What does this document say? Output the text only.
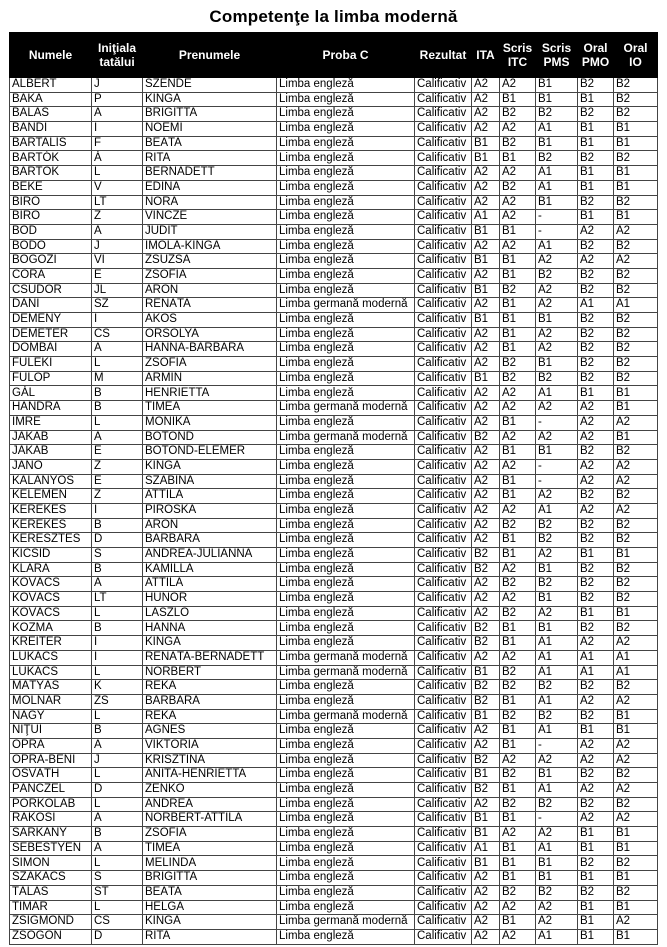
Competenţe la limba modernă
Numele	Iniţiala tatălui	Prenumele	Proba C	Rezultat	ITA	Scris ITC	Scris PMS	Oral PMO	Oral IO
ALBERT	J	SZENDE	Limba engleză	Calificativ	A2	A2	B1	B2	B2
BAKA	P	KINGA	Limba engleză	Calificativ	A2	B1	B1	B1	B2
BALÁS	Á	BRIGITTA	Limba engleză	Calificativ	A2	B2	B2	B2	B2
BANDI	I	NOÉMI	Limba engleză	Calificativ	A2	A2	A1	B1	B1
BARTALIS	F	BEÁTA	Limba engleză	Calificativ	B1	B2	B1	B1	B1
BARTÓK	Á	RITA	Limba engleză	Calificativ	B1	B1	B2	B2	B2
BARTÓK	L	BERNADETT	Limba engleză	Calificativ	A2	A2	A1	B1	B1
BEKE	V	EDINA	Limba engleză	Calificativ	A2	B2	A1	B1	B1
BIRÓ	LT	NÓRA	Limba engleză	Calificativ	A2	A2	B1	B2	B2
BIRÓ	Z	VINCZE	Limba engleză	Calificativ	A1	A2	-	B1	B1
BOD	Á	JUDIT	Limba engleză	Calificativ	B1	B1	-	A2	A2
BODÓ	J	IMOLA-KINGA	Limba engleză	Calificativ	A2	A2	A1	B2	B2
BÖGÖZI	VI	ZSUZSA	Limba engleză	Calificativ	B1	B1	A2	A2	A2
CORA	E	ZSÓFIA	Limba engleză	Calificativ	A2	B1	B2	B2	B2
CSŰDÖR	JL	ÁRON	Limba engleză	Calificativ	B1	B2	A2	B2	B2
DÁNI	SZ	RENÁTA	Limba germană modernă	Calificativ	A2	B1	A2	A1	A1
DEMÉNY	I	ÁKOS	Limba engleză	Calificativ	B1	B1	B1	B2	B2
DEMETER	CS	ORSOLYA	Limba engleză	Calificativ	A2	B1	A2	B2	B2
DOMBAI	A	HANNA-BARBARA	Limba engleză	Calificativ	A2	B1	A2	B2	B2
FÜLEKI	L	ZSÓFIA	Limba engleză	Calificativ	A2	B2	B1	B2	B2
FÜLÖP	M	ÁRMIN	Limba engleză	Calificativ	B1	B2	B2	B2	B2
GÁL	B	HENRIETTA	Limba engleză	Calificativ	A2	A2	A1	B1	B1
HANDRA	B	TIMEA	Limba germană modernă	Calificativ	A2	A2	A2	A2	B1
IMRE	L	MÓNIKA	Limba engleză	Calificativ	A2	B1	-	A2	A2
JAKAB	Á	BOTOND	Limba germană modernă	Calificativ	B2	A2	A2	A2	B1
JAKAB	E	BOTOND-ELEMÉR	Limba engleză	Calificativ	A2	B1	B1	B2	B2
JÁNÓ	Z	KINGA	Limba engleză	Calificativ	A2	A2	-	A2	A2
KALÁNYOS	E	SZABINA	Limba engleză	Calificativ	A2	B1	-	A2	A2
KELEMEN	Z	ATTILA	Limba engleză	Calificativ	A2	B1	A2	B2	B2
KEREKES	I	PIROSKA	Limba engleză	Calificativ	A2	A2	A1	A2	A2
KEREKES	B	ÁRON	Limba engleză	Calificativ	A2	B2	B2	B2	B2
KERESZTES	D	BARBARA	Limba engleză	Calificativ	A2	B1	B2	B2	B2
KICSID	S	ANDREA-JULIANNA	Limba engleză	Calificativ	B2	B1	A2	B1	B1
KLÁRA	B	KAMILLA	Limba engleză	Calificativ	B2	A2	B1	B2	B2
KOVÁCS	A	ATTILA	Limba engleză	Calificativ	A2	B2	B2	B2	B2
KOVÁCS	LT	HUNOR	Limba engleză	Calificativ	A2	A2	B1	B2	B2
KOVÁCS	L	LÁSZLÓ	Limba engleză	Calificativ	A2	B2	A2	B1	B1
KOZMA	B	HANNA	Limba engleză	Calificativ	B2	B1	B1	B2	B2
KREITER	I	KINGA	Limba engleză	Calificativ	B2	B1	A1	A2	A2
LUKÁCS	I	RENÁTA-BERNADETT	Limba germană modernă	Calificativ	A2	A2	A1	A1	A1
LUKÁCS	L	NORBERT	Limba germană modernă	Calificativ	B1	B2	A1	A1	A1
MÁTYÁS	K	RÉKA	Limba engleză	Calificativ	B2	B2	B2	B2	B2
MOLNÁR	ZS	BARBARA	Limba engleză	Calificativ	B2	B1	A1	A2	A2
NAGY	L	RÉKA	Limba germană modernă	Calificativ	B1	B2	B2	B2	B1
NIŢUI	B	ÁGNES	Limba engleză	Calificativ	A2	B1	A1	B1	B1
OPRA	A	VIKTÓRIA	Limba engleză	Calificativ	A2	B1	-	A2	A2
OPRA-BENI	J	KRISZTINA	Limba engleză	Calificativ	B2	A2	A2	A2	A2
OSVÁTH	L	ANITA-HENRIETTA	Limba engleză	Calificativ	B1	B2	B1	B2	B2
PÁNCZÉL	D	ZENKŐ	Limba engleză	Calificativ	B2	B1	A1	A2	A2
PORKOLÁB	L	ANDREA	Limba engleză	Calificativ	A2	B2	B2	B2	B2
RÁKOSI	A	NORBERT-ATTILA	Limba engleză	Calificativ	B1	B1	-	A2	A2
SÁRKÁNY	B	ZSÓFIA	Limba engleză	Calificativ	B1	A2	A2	B1	B1
SEBESTYÉN	Á	TIMEA	Limba engleză	Calificativ	A1	B1	A1	B1	B1
SIMON	L	MELINDA	Limba engleză	Calificativ	B1	B1	B1	B2	B2
SZAKÁCS	S	BRIGITTA	Limba engleză	Calificativ	A2	B1	B1	B1	B1
TÁLAS	ST	BEÁTA	Limba engleză	Calificativ	A2	B2	B2	B2	B2
TIMÁR	L	HELGA	Limba engleză	Calificativ	A2	A2	A2	B1	B1
ZSIGMOND	CS	KINGA	Limba germană modernă	Calificativ	A2	B1	A2	B1	A2
ZSÖGÖN	D	RITA	Limba engleză	Calificativ	A2	A2	A1	B1	B1
